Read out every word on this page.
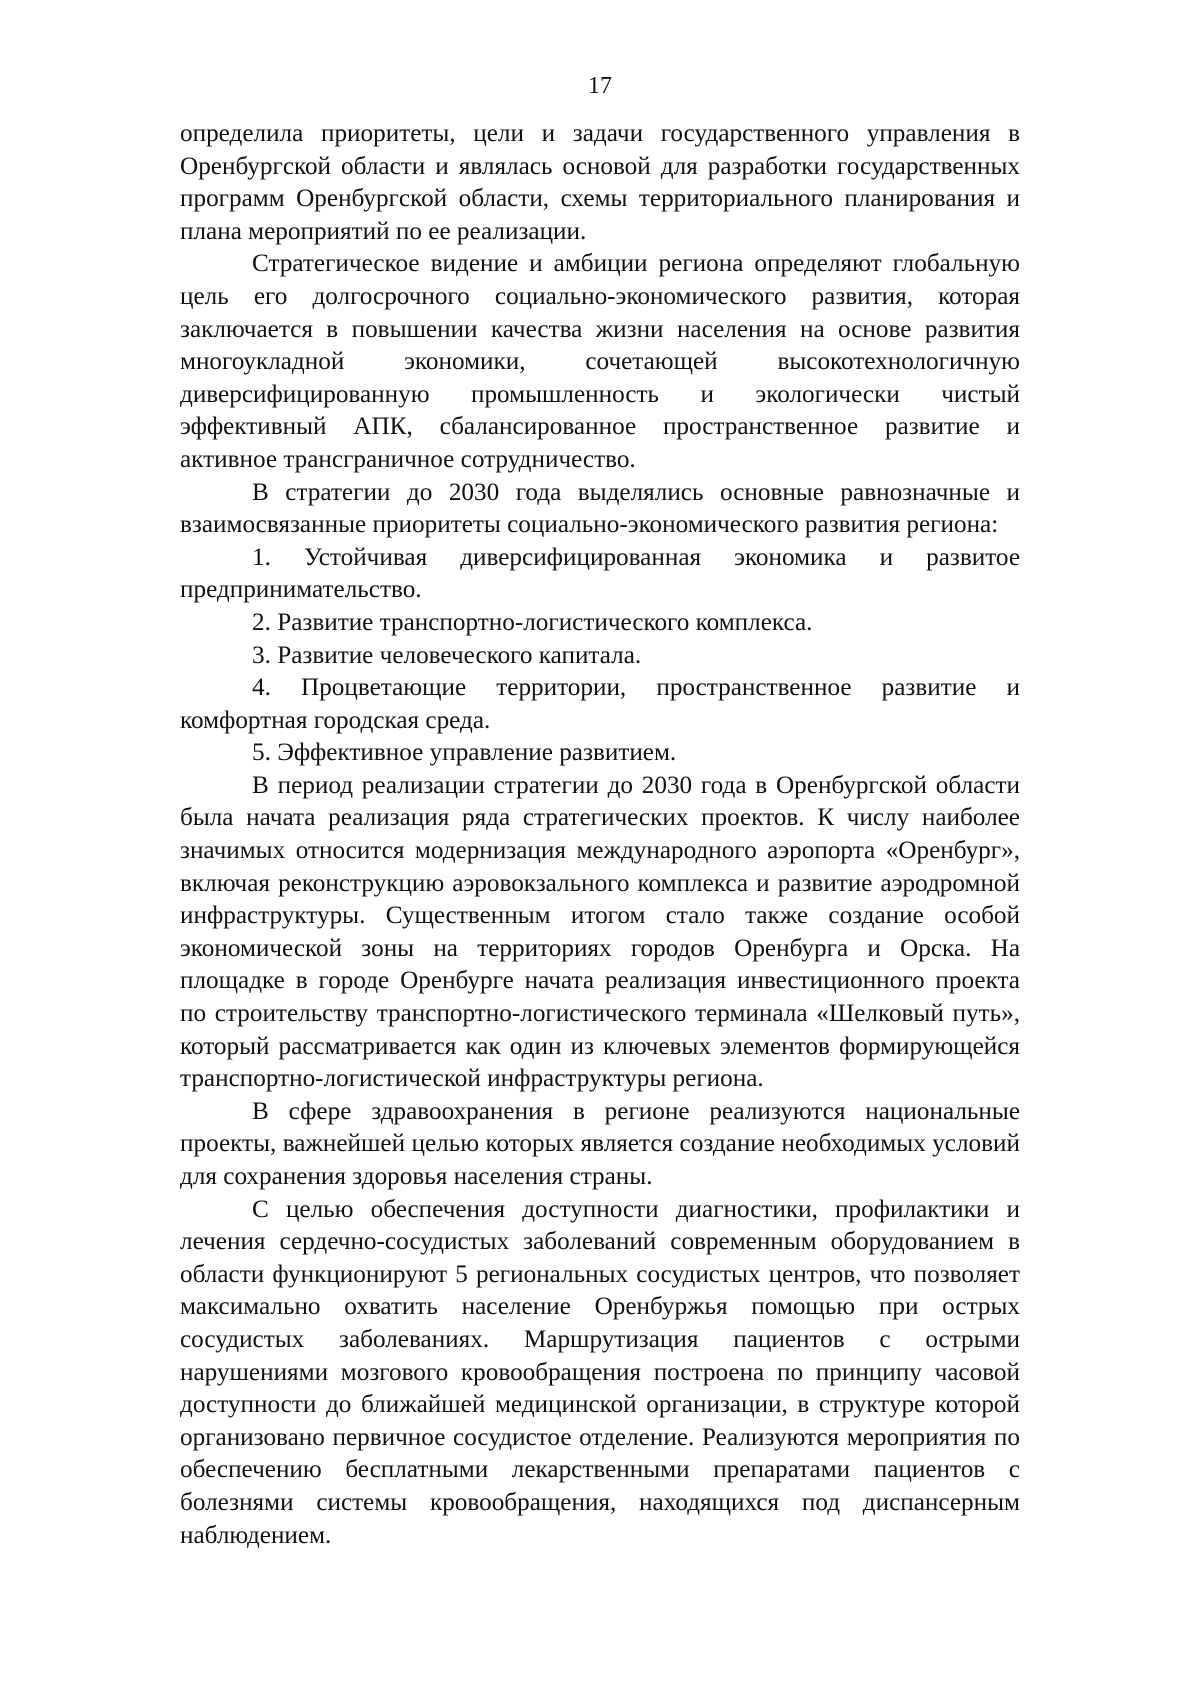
17

определила приоритеты, цели и задачи государственного управления в Оренбургской области и являлась основой для разработки государственных программ Оренбургской области, схемы территориального планирования и плана мероприятий по ее реализации.

Стратегическое видение и амбиции региона определяют глобальную цель его долгосрочного социально-экономического развития, которая заключается в повышении качества жизни населения на основе развития многоукладной экономики, сочетающей высокотехнологичную диверсифицированную промышленность и экологически чистый эффективный АПК, сбалансированное пространственное развитие и активное трансграничное сотрудничество.

В стратегии до 2030 года выделялись основные равнозначные и взаимосвязанные приоритеты социально-экономического развития региона:

1. Устойчивая диверсифицированная экономика и развитое предпринимательство.

2. Развитие транспортно-логистического комплекса.

3. Развитие человеческого капитала.

4. Процветающие территории, пространственное развитие и комфортная городская среда.

5. Эффективное управление развитием.

В период реализации стратегии до 2030 года в Оренбургской области была начата реализация ряда стратегических проектов. К числу наиболее значимых относится модернизация международного аэропорта «Оренбург», включая реконструкцию аэровокзального комплекса и развитие аэродромной инфраструктуры. Существенным итогом стало также создание особой экономической зоны на территориях городов Оренбурга и Орска. На площадке в городе Оренбурге начата реализация инвестиционного проекта по строительству транспортно-логистического терминала «Шелковый путь», который рассматривается как один из ключевых элементов формирующейся транспортно-логистической инфраструктуры региона.

В сфере здравоохранения в регионе реализуются национальные проекты, важнейшей целью которых является создание необходимых условий для сохранения здоровья населения страны.

С целью обеспечения доступности диагностики, профилактики и лечения сердечно-сосудистых заболеваний современным оборудованием в области функционируют 5 региональных сосудистых центров, что позволяет максимально охватить население Оренбуржья помощью при острых сосудистых заболеваниях. Маршрутизация пациентов с острыми нарушениями мозгового кровообращения построена по принципу часовой доступности до ближайшей медицинской организации, в структуре которой организовано первичное сосудистое отделение. Реализуются мероприятия по обеспечению бесплатными лекарственными препаратами пациентов с болезнями системы кровообращения, находящихся под диспансерным наблюдением.
